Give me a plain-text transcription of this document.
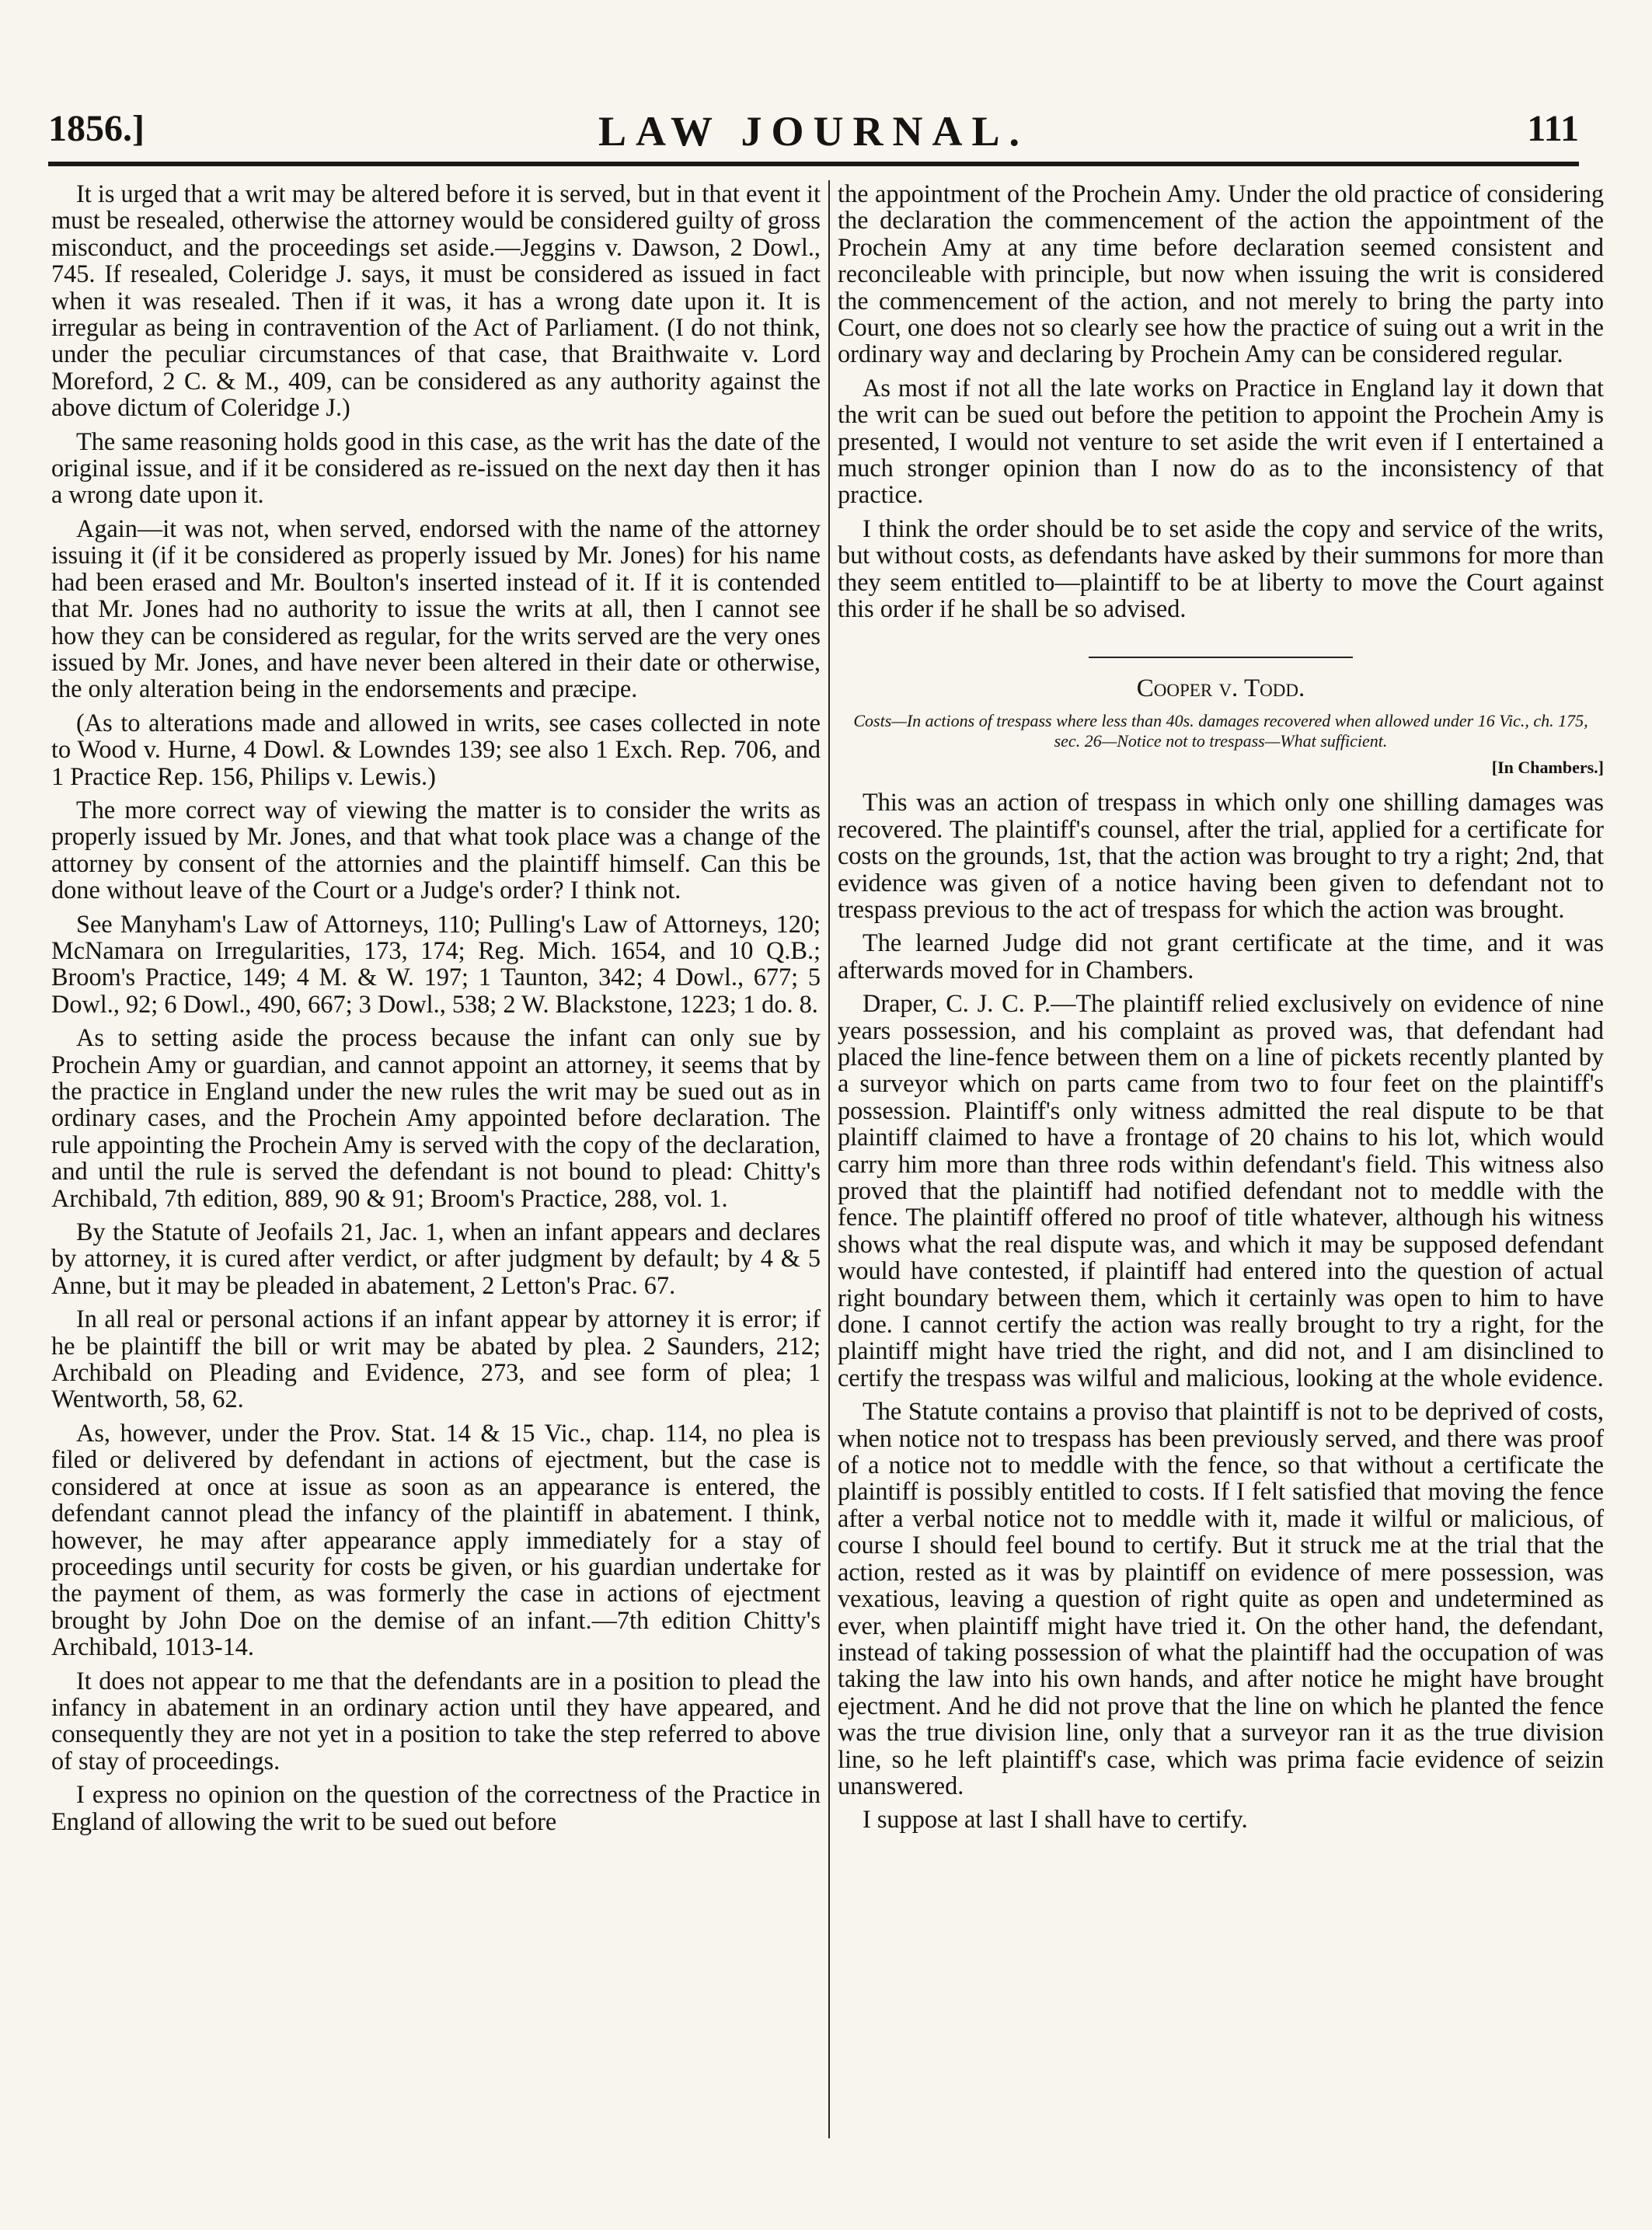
1856.]	LAW JOURNAL.	111

It is urged that a writ may be altered before it is served, but in that event it must be resealed, otherwise the attorney would be considered guilty of gross misconduct, and the proceedings set aside.—Jeggins v. Dawson, 2 Dowl., 745. If resealed, Coleridge J. says, it must be considered as issued in fact when it was resealed. Then if it was, it has a wrong date upon it. It is irregular as being in contravention of the Act of Parliament. (I do not think, under the peculiar circumstances of that case, that Braithwaite v. Lord Moreford, 2 C. & M., 409, can be considered as any authority against the above dictum of Coleridge J.)

The same reasoning holds good in this case, as the writ has the date of the original issue, and if it be considered as re-issued on the next day then it has a wrong date upon it.

Again—it was not, when served, endorsed with the name of the attorney issuing it (if it be considered as properly issued by Mr. Jones) for his name had been erased and Mr. Boulton's inserted instead of it. If it is contended that Mr. Jones had no authority to issue the writs at all, then I cannot see how they can be considered as regular, for the writs served are the very ones issued by Mr. Jones, and have never been altered in their date or otherwise, the only alteration being in the endorsements and præcipe.

(As to alterations made and allowed in writs, see cases collected in note to Wood v. Hurne, 4 Dowl. & Lowndes 139; see also 1 Exch. Rep. 706, and 1 Practice Rep. 156, Philips v. Lewis.)

The more correct way of viewing the matter is to consider the writs as properly issued by Mr. Jones, and that what took place was a change of the attorney by consent of the attornies and the plaintiff himself. Can this be done without leave of the Court or a Judge's order? I think not.

See Manyham's Law of Attorneys, 110; Pulling's Law of Attorneys, 120; McNamara on Irregularities, 173, 174; Reg. Mich. 1654, and 10 Q.B.; Broom's Practice, 149; 4 M. & W. 197; 1 Taunton, 342; 4 Dowl., 677; 5 Dowl., 92; 6 Dowl., 490, 667; 3 Dowl., 538; 2 W. Blackstone, 1223; 1 do. 8.

As to setting aside the process because the infant can only sue by Prochein Amy or guardian, and cannot appoint an attorney, it seems that by the practice in England under the new rules the writ may be sued out as in ordinary cases, and the Prochein Amy appointed before declaration. The rule appointing the Prochein Amy is served with the copy of the declaration, and until the rule is served the defendant is not bound to plead: Chitty's Archibald, 7th edition, 889, 90 & 91; Broom's Practice, 288, vol. 1.

By the Statute of Jeofails 21, Jac. 1, when an infant appears and declares by attorney, it is cured after verdict, or after judgment by default; by 4 & 5 Anne, but it may be pleaded in abatement, 2 Letton's Prac. 67.

In all real or personal actions if an infant appear by attorney it is error; if he be plaintiff the bill or writ may be abated by plea. 2 Saunders, 212; Archibald on Pleading and Evidence, 273, and see form of plea; 1 Wentworth, 58, 62.

As, however, under the Prov. Stat. 14 & 15 Vic., chap. 114, no plea is filed or delivered by defendant in actions of ejectment, but the case is considered at once at issue as soon as an appearance is entered, the defendant cannot plead the infancy of the plaintiff in abatement. I think, however, he may after appearance apply immediately for a stay of proceedings until security for costs be given, or his guardian undertake for the payment of them, as was formerly the case in actions of ejectment brought by John Doe on the demise of an infant.—7th edition Chitty's Archibald, 1013-14.

It does not appear to me that the defendants are in a position to plead the infancy in abatement in an ordinary action until they have appeared, and consequently they are not yet in a position to take the step referred to above of stay of proceedings.

I express no opinion on the question of the correctness of the Practice in England of allowing the writ to be sued out before

the appointment of the Prochein Amy. Under the old practice of considering the declaration the commencement of the action the appointment of the Prochein Amy at any time before declaration seemed consistent and reconcileable with principle, but now when issuing the writ is considered the commencement of the action, and not merely to bring the party into Court, one does not so clearly see how the practice of suing out a writ in the ordinary way and declaring by Prochein Amy can be considered regular.

As most if not all the late works on Practice in England lay it down that the writ can be sued out before the petition to appoint the Prochein Amy is presented, I would not venture to set aside the writ even if I entertained a much stronger opinion than I now do as to the inconsistency of that practice.

I think the order should be to set aside the copy and service of the writs, but without costs, as defendants have asked by their summons for more than they seem entitled to—plaintiff to be at liberty to move the Court against this order if he shall be so advised.

Cooper v. Todd.
Costs—In actions of trespass where less than 40s. damages recovered when allowed under 16 Vic., ch. 175, sec. 26—Notice not to trespass—What sufficient.
[In Chambers.]

This was an action of trespass in which only one shilling damages was recovered. The plaintiff's counsel, after the trial, applied for a certificate for costs on the grounds, 1st, that the action was brought to try a right; 2nd, that evidence was given of a notice having been given to defendant not to trespass previous to the act of trespass for which the action was brought.

The learned Judge did not grant certificate at the time, and it was afterwards moved for in Chambers.

Draper, C. J. C. P.—The plaintiff relied exclusively on evidence of nine years possession, and his complaint as proved was, that defendant had placed the line-fence between them on a line of pickets recently planted by a surveyor which on parts came from two to four feet on the plaintiff's possession. Plaintiff's only witness admitted the real dispute to be that plaintiff claimed to have a frontage of 20 chains to his lot, which would carry him more than three rods within defendant's field. This witness also proved that the plaintiff had notified defendant not to meddle with the fence. The plaintiff offered no proof of title whatever, although his witness shows what the real dispute was, and which it may be supposed defendant would have contested, if plaintiff had entered into the question of actual right boundary between them, which it certainly was open to him to have done. I cannot certify the action was really brought to try a right, for the plaintiff might have tried the right, and did not, and I am disinclined to certify the trespass was wilful and malicious, looking at the whole evidence.

The Statute contains a proviso that plaintiff is not to be deprived of costs, when notice not to trespass has been previously served, and there was proof of a notice not to meddle with the fence, so that without a certificate the plaintiff is possibly entitled to costs. If I felt satisfied that moving the fence after a verbal notice not to meddle with it, made it wilful or malicious, of course I should feel bound to certify. But it struck me at the trial that the action, rested as it was by plaintiff on evidence of mere possession, was vexatious, leaving a question of right quite as open and undetermined as ever, when plaintiff might have tried it. On the other hand, the defendant, instead of taking possession of what the plaintiff had the occupation of was taking the law into his own hands, and after notice he might have brought ejectment. And he did not prove that the line on which he planted the fence was the true division line, only that a surveyor ran it as the true division line, so he left plaintiff's case, which was prima facie evidence of seizin unanswered.

I suppose at last I shall have to certify.
